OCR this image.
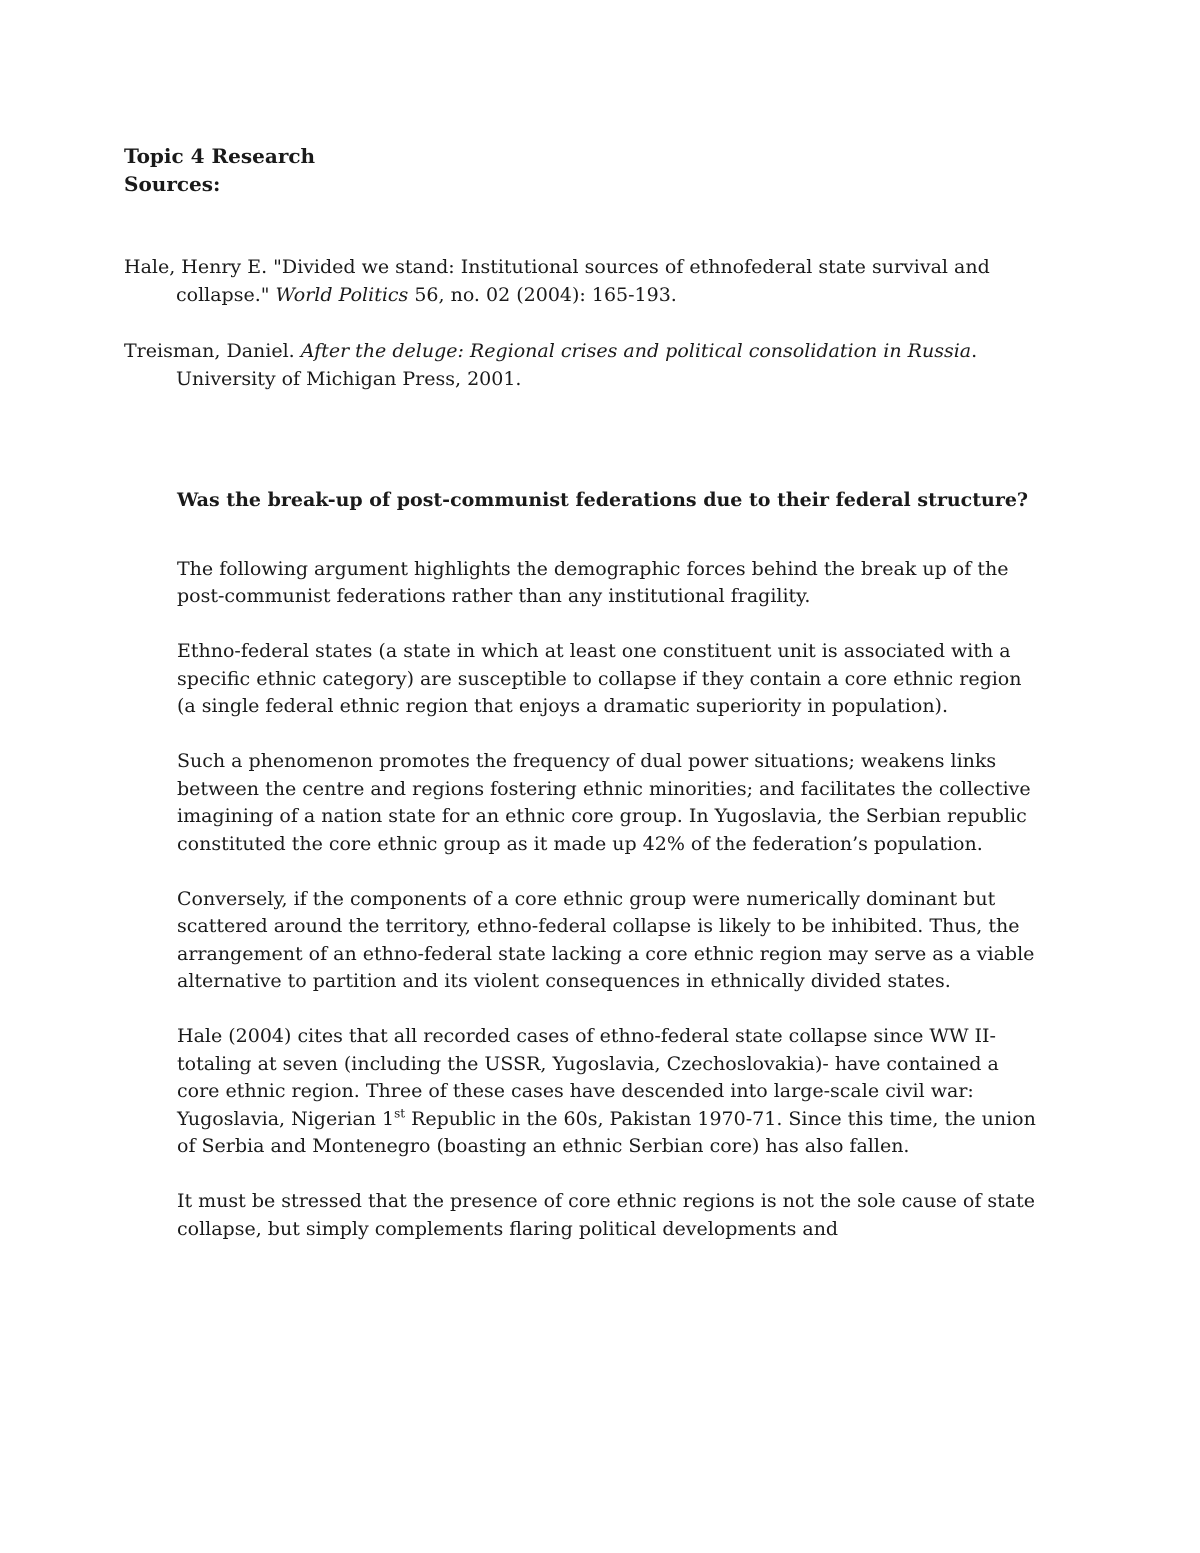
Topic 4 Research
Sources:

Hale, Henry E. "Divided we stand: Institutional sources of ethnofederal state survival and collapse." World Politics 56, no. 02 (2004): 165-193.

Treisman, Daniel. After the deluge: Regional crises and political consolidation in Russia. University of Michigan Press, 2001.

Was the break-up of post-communist federations due to their federal structure?

The following argument highlights the demographic forces behind the break up of the post-communist federations rather than any institutional fragility.

Ethno-federal states (a state in which at least one constituent unit is associated with a specific ethnic category) are susceptible to collapse if they contain a core ethnic region (a single federal ethnic region that enjoys a dramatic superiority in population).

Such a phenomenon promotes the frequency of dual power situations; weakens links between the centre and regions fostering ethnic minorities; and facilitates the collective imagining of a nation state for an ethnic core group. In Yugoslavia, the Serbian republic constituted the core ethnic group as it made up 42% of the federation’s population.

Conversely, if the components of a core ethnic group were numerically dominant but scattered around the territory, ethno-federal collapse is likely to be inhibited. Thus, the arrangement of an ethno-federal state lacking a core ethnic region may serve as a viable alternative to partition and its violent consequences in ethnically divided states.

Hale (2004) cites that all recorded cases of ethno-federal state collapse since WW II- totaling at seven (including the USSR, Yugoslavia, Czechoslovakia)- have contained a core ethnic region. Three of these cases have descended into large-scale civil war: Yugoslavia, Nigerian 1st Republic in the 60s, Pakistan 1970-71. Since this time, the union of Serbia and Montenegro (boasting an ethnic Serbian core) has also fallen.

It must be stressed that the presence of core ethnic regions is not the sole cause of state collapse, but simply complements flaring political developments and
